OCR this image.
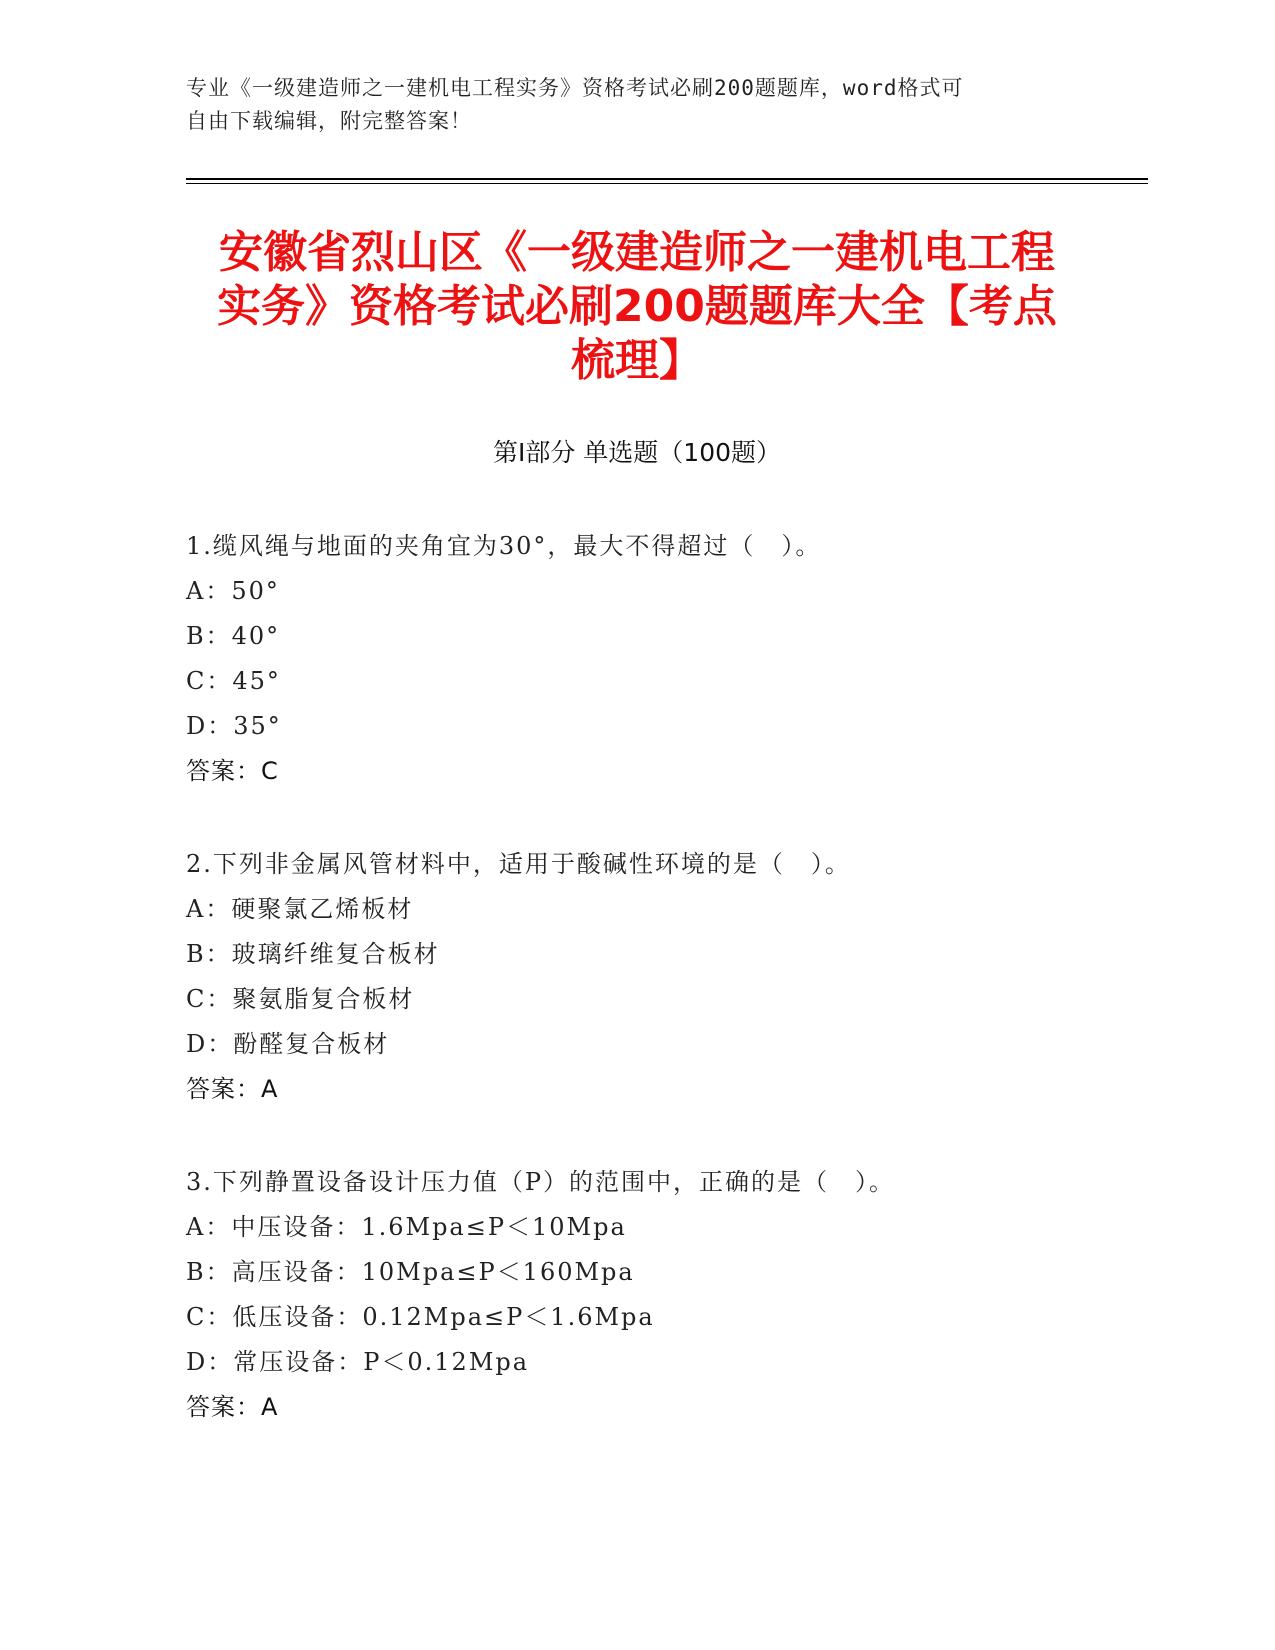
专业《一级建造师之一建机电工程实务》资格考试必刷200题题库，word格式可
自由下载编辑，附完整答案！
安徽省烈山区《一级建造师之一建机电工程
实务》资格考试必刷200题题库大全【考点
梳理】
第Ⅰ部分 单选题（100题）
1.缆风绳与地面的夹角宜为30°，最大不得超过（　）。
A：50°
B：40°
C：45°
D：35°
答案：C
2.下列非金属风管材料中，适用于酸碱性环境的是（　）。
A：硬聚氯乙烯板材
B：玻璃纤维复合板材
C：聚氨脂复合板材
D：酚醛复合板材
答案：A
3.下列静置设备设计压力值（P）的范围中，正确的是（　）。
A：中压设备：1.6Mpa≤P＜10Mpa
B：高压设备：10Mpa≤P＜160Mpa
C：低压设备：0.12Mpa≤P＜1.6Mpa
D：常压设备：P＜0.12Mpa
答案：A
